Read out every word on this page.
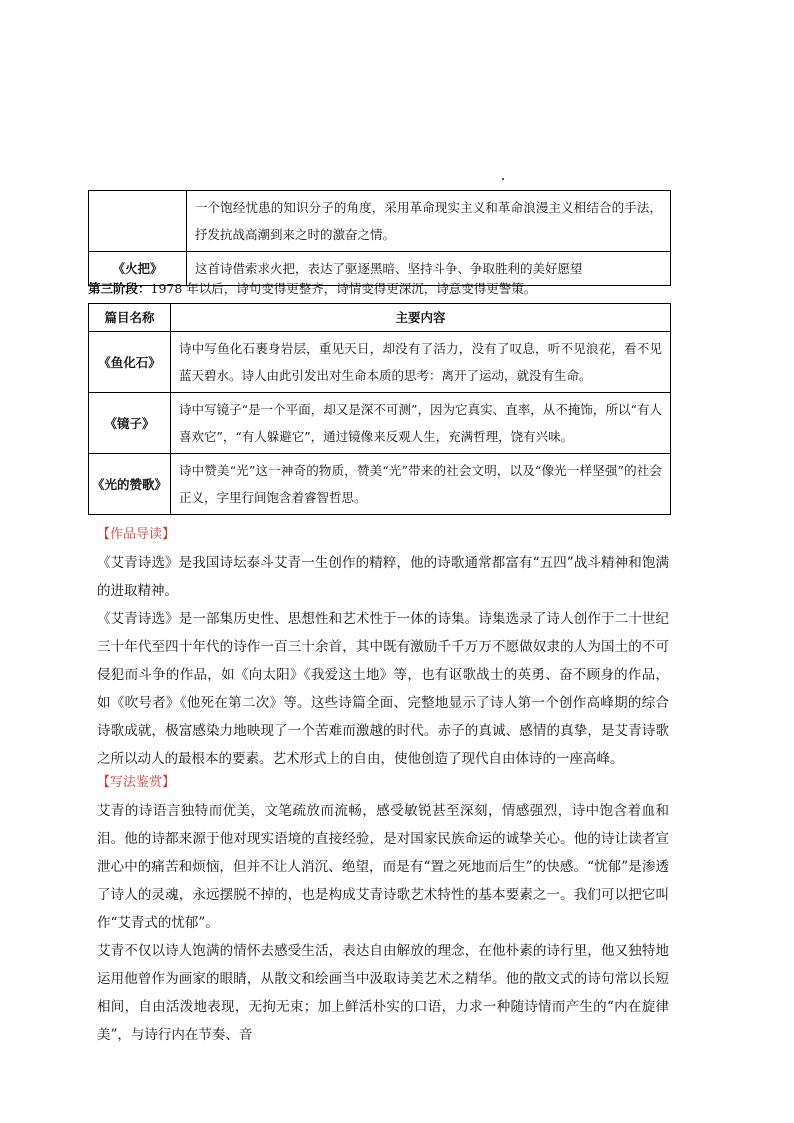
	一个饱经忧患的知识分子的角度，采用革命现实主义和革命浪漫主义相结合的手法，抒发抗战高潮到来之时的激奋之情。
《火把》	这首诗借索求火把，表达了驱逐黑暗、坚持斗争、争取胜利的美好愿望
第三阶段：1978 年以后，诗句变得更整齐，诗情变得更深沉，诗意变得更警策。
篇目名称	主要内容
《鱼化石》	诗中写鱼化石裹身岩层，重见天日，却没有了活力，没有了叹息，听不见浪花，看不见蓝天碧水。诗人由此引发出对生命本质的思考：离开了运动，就没有生命。
《镜子》	诗中写镜子“是一个平面，却又是深不可测”，因为它真实、直率，从不掩饰，所以“有人喜欢它”，“有人躲避它”，通过镜像来反观人生，充满哲理，饶有兴味。
《光的赞歌》	诗中赞美“光”这一神奇的物质，赞美“光”带来的社会文明，以及“像光一样坚强”的社会正义，字里行间饱含着睿智哲思。

【作品导读】

《艾青诗选》是我国诗坛泰斗艾青一生创作的精粹，他的诗歌通常都富有“五四”战斗精神和饱满的进取精神。

《艾青诗选》是一部集历史性、思想性和艺术性于一体的诗集。诗集选录了诗人创作于二十世纪三十年代至四十年代的诗作一百三十余首，其中既有激励千千万万不愿做奴隶的人为国土的不可侵犯而斗争的作品，如《向太阳》《我爱这土地》等，也有讴歌战士的英勇、奋不顾身的作品，如《吹号者》《他死在第二次》等。这些诗篇全面、完整地显示了诗人第一个创作高峰期的综合诗歌成就，极富感染力地映现了一个苦难而激越的时代。赤子的真诚、感情的真挚，是艾青诗歌之所以动人的最根本的要素。艺术形式上的自由，使他创造了现代自由体诗的一座高峰。

【写法鉴赏】

艾青的诗语言独特而优美，文笔疏放而流畅，感受敏锐甚至深刻，情感强烈，诗中饱含着血和泪。他的诗都来源于他对现实语境的直接经验，是对国家民族命运的诚挚关心。他的诗让读者宣泄心中的痛苦和烦恼，但并不让人消沉、绝望，而是有“置之死地而后生”的快感。“忧郁”是渗透了诗人的灵魂，永远摆脱不掉的，也是构成艾青诗歌艺术特性的基本要素之一。我们可以把它叫作“艾青式的忧郁”。

艾青不仅以诗人饱满的情怀去感受生活，表达自由解放的理念，在他朴素的诗行里，他又独特地运用他曾作为画家的眼睛，从散文和绘画当中汲取诗美艺术之精华。他的散文式的诗句常以长短相间，自由活泼地表现，无拘无束；加上鲜活朴实的口语，力求一种随诗情而产生的“内在旋律美”，与诗行内在节奏、音
